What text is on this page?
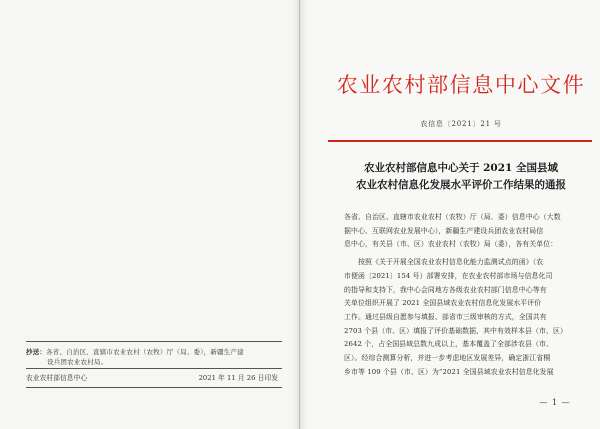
抄送：各省、自治区、直辖市农业农村（农牧）厅（局、委），新疆生产建
设兵团农业农村局。
农业农村部信息中心	2021 年 11 月 26 日印发
农业农村部信息中心文件
农信息〔2021〕21 号
农业农村部信息中心关于 2021 全国县域
农业农村信息化发展水平评价工作结果的通报
各省、自治区、直辖市农业农村（农牧）厅（局、委）信息中心（大数
据中心、互联网农业发展中心），新疆生产建设兵团农业农村局信
息中心，有关县（市、区）农业农村（农牧）局（委），各有关单位：
　　按照《关于开展全国农业农村信息化能力监测试点的函》（农
市便函〔2021〕154 号）部署安排，在农业农村部市场与信息化司
的指导和支持下，我中心会同地方各级农业农村部门信息中心等有
关单位组织开展了 2021 全国县域农业农村信息化发展水平评价
工作。通过县级自愿参与填报、部省市三级审核的方式，全国共有
2703 个县（市、区）填报了评价基础数据，其中有效样本县（市、区）
2642 个，占全国县域总数九成以上，基本覆盖了全部涉农县（市、
区）。经综合测算分析，并进一步考虑地区发展差异，确定浙江省桐
乡市等 109 个县（市、区）为“2021 全国县域农业农村信息化发展
— 1 —
